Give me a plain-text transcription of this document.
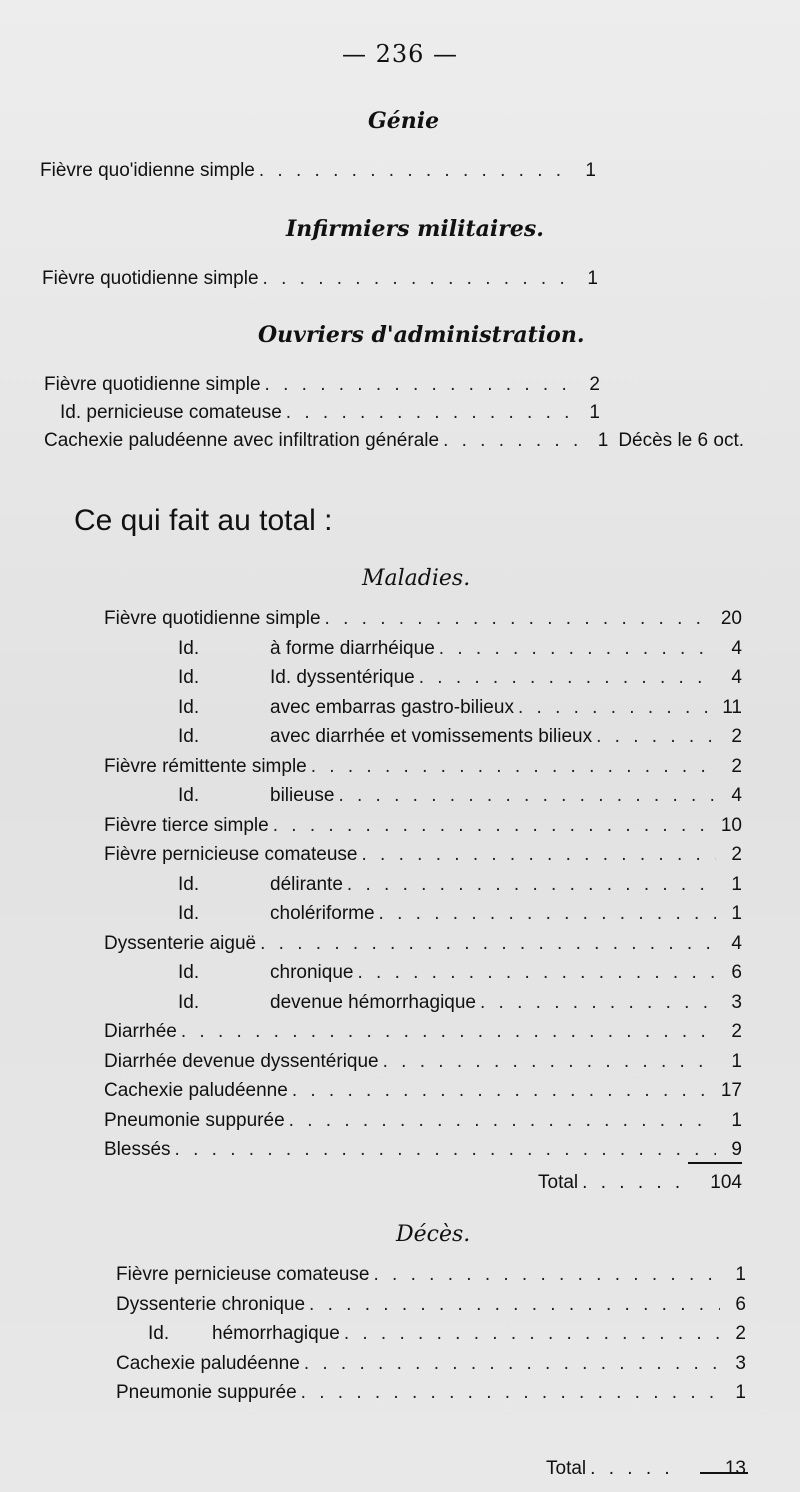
— 236 —
Génie
Fièvre quo'idienne simple . . .	1
Infirmiers militaires.
Fièvre quotidienne simple . . .	1
Ouvriers d'administration.
Fièvre quotidienne simple . . .	2
Id. pernicieuse comateuse . . .	1
Cachexie paludéenne avec infiltration générale . . .	1 Décès le 6 oct.
Ce qui fait au total :
Maladies.
Fièvre quotidienne simple . . .	20
Id.	à forme diarrhéique . . .	4
Id.	Id. dyssentérique . . .	4
Id.	avec embarras gastro-bilieux . . .	11
Id.	avec diarrhée et vomissements bilieux . . .	2
Fièvre rémittente simple . . .	2
Id.	bilieuse . . .	4
Fièvre tierce simple . . .	10
Fièvre pernicieuse comateuse . . .	2
Id.	délirante . . .	1
Id.	cholériforme . . .	1
Dyssenterie aiguë . . .	4
Id.	chronique . . .	6
Id.	devenue hémorrhagique . . .	3
Diarrhée . . .	2
Diarrhée devenue dyssentérique . . .	1
Cachexie paludéenne . . .	17
Pneumonie suppurée . . .	1
Blessés . . .	9
Total . . . . . .	104
Décès.
Fièvre pernicieuse comateuse . . .	1
Dyssenterie chronique . . .	6
Id.	hémorrhagique . . .	2
Cachexie paludéenne . . .	3
Pneumonie suppurée . . .	1
Total . . . . .	13
